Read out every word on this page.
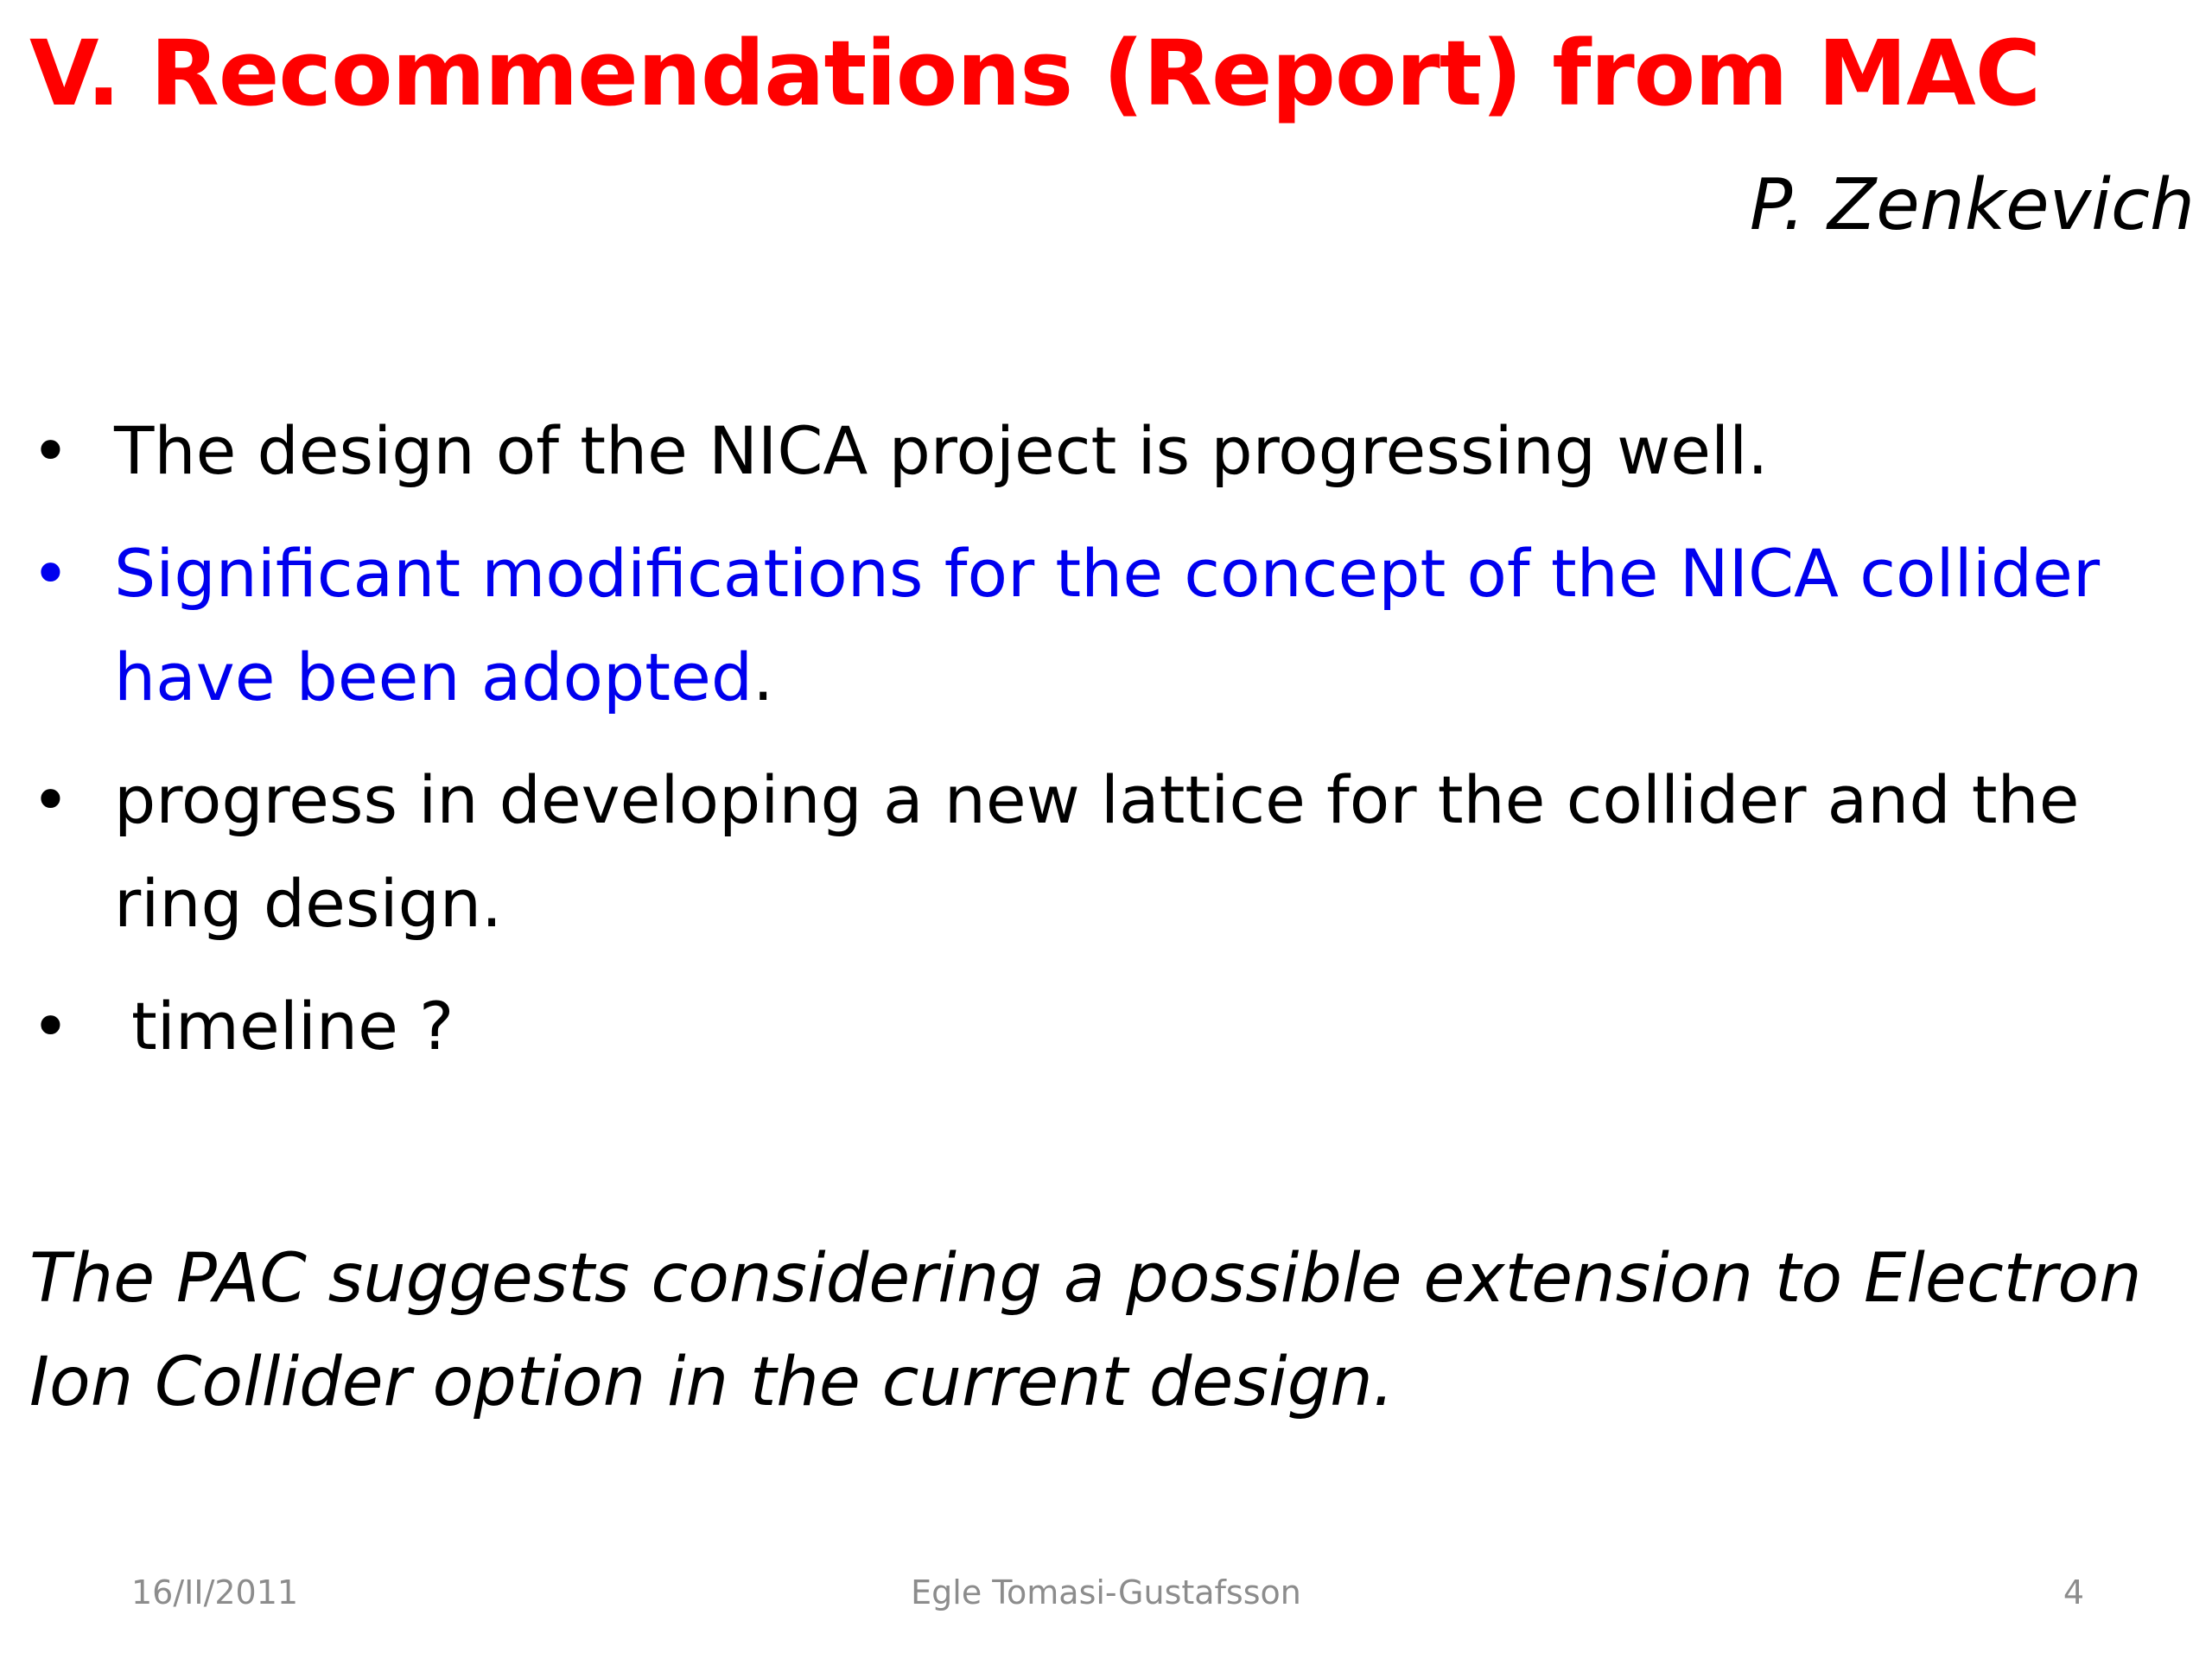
V. Recommendations (Report) from MAC
P. Zenkevich
• The design of the NICA project is progressing well.
• Significant modifications for the concept of the NICA collider have been adopted.
• progress in developing a new lattice for the collider and the ring design.
• timeline ?

The PAC suggests considering a possible extension to Electron Ion Collider option in the current design.

16/II/2011	Egle Tomasi-Gustafsson	4
